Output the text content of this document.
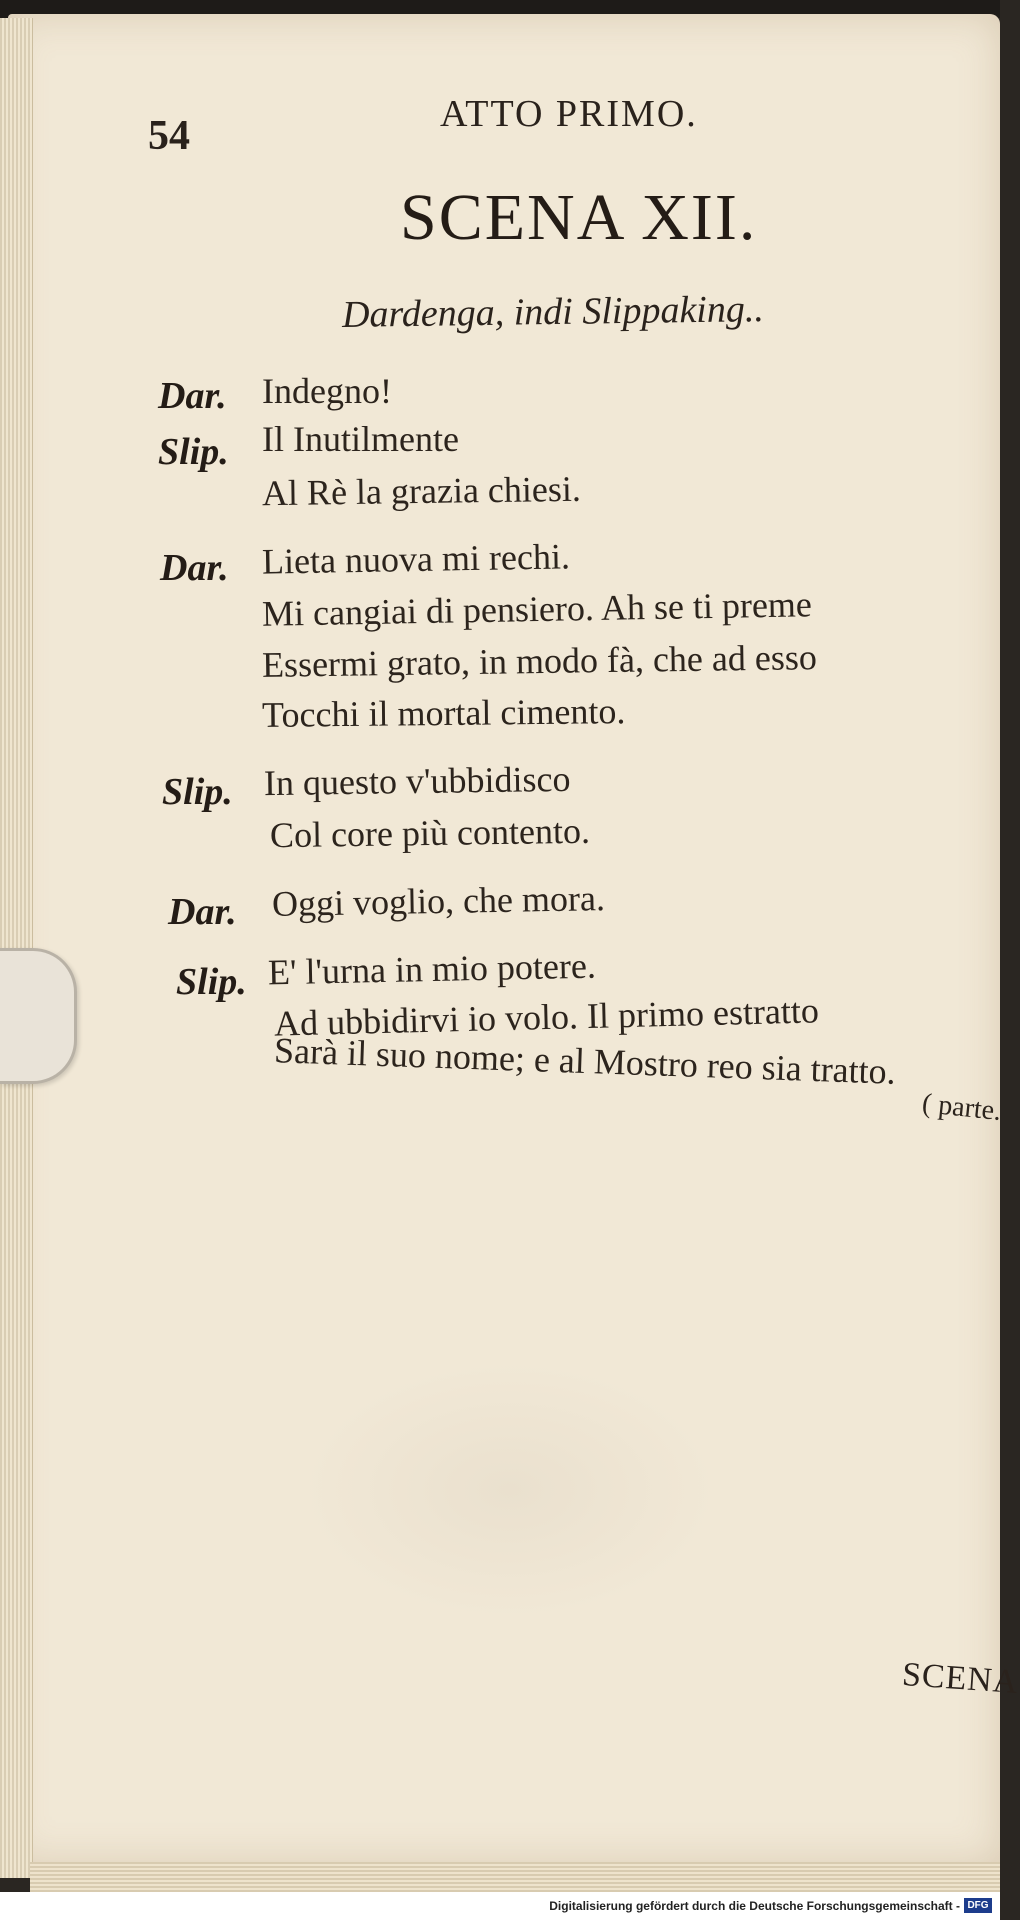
54	ATTO PRIMO.
SCENA XII.
Dardenga, indi Slippaking..
Dar. Indegno!
Slip. Il Inutilmente
Al Rè la grazia chiesi.
Dar. Lieta nuova mi rechi.
Mi cangiai di pensiero. Ah se ti preme
Essermi grato, in modo fà, che ad esso
Tocchi il mortal cimento.
Slip. In questo v'ubbidisco
Col core più contento.
Dar. Oggi voglio, che mora.
Slip. E' l'urna in mio potere.
Ad ubbidirvi io volo. Il primo estratto
Sarà il suo nome; e al Mostro reo sia tratto.
( parte.
SCENA
Digitalisierung gefördert durch die Deutsche Forschungsgemeinschaft - DFG
